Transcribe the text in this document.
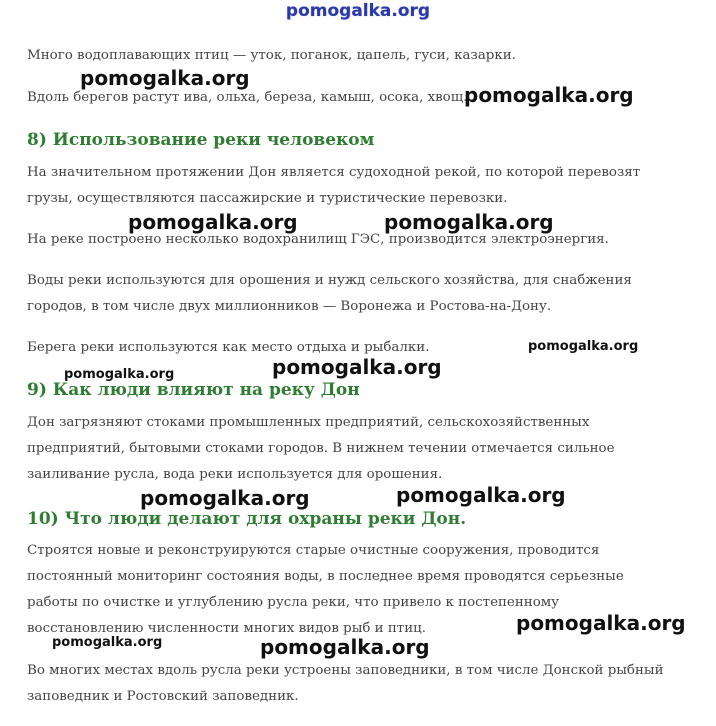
pomogalka.org
Много водоплавающих птиц — уток, поганок, цапель, гуси, казарки.
Вдоль берегов растут ива, ольха, береза, камыш, осока, хвощ.
8) Использование реки человеком
На значительном протяжении Дон является судоходной рекой, по которой перевозят
грузы, осуществляются пассажирские и туристические перевозки.
На реке построено несколько водохранилищ ГЭС, производится электроэнергия.
Воды реки используются для орошения и нужд сельского хозяйства, для снабжения
городов, в том числе двух миллионников — Воронежа и Ростова-на-Дону.
Берега реки используются как место отдыха и рыбалки.
9) Как люди влияют на реку Дон
Дон загрязняют стоками промышленных предприятий, сельскохозяйственных
предприятий, бытовыми стоками городов. В нижнем течении отмечается сильное
заиливание русла, вода реки используется для орошения.
10) Что люди делают для охраны реки Дон.
Строятся новые и реконструируются старые очистные сооружения, проводится
постоянный мониторинг состояния воды, в последнее время проводятся серьезные
работы по очистке и углублению русла реки, что привело к постепенному
восстановлению численности многих видов рыб и птиц.
Во многих местах вдоль русла реки устроены заповедники, в том числе Донской рыбный
заповедник и Ростовский заповедник.
pomogalka.org
pomogalka.org
pomogalka.org	pomogalka.org
pomogalka.org
pomogalka.org
pomogalka.org
pomogalka.org
pomogalka.org
pomogalka.org
pomogalka.org	pomogalka.org
